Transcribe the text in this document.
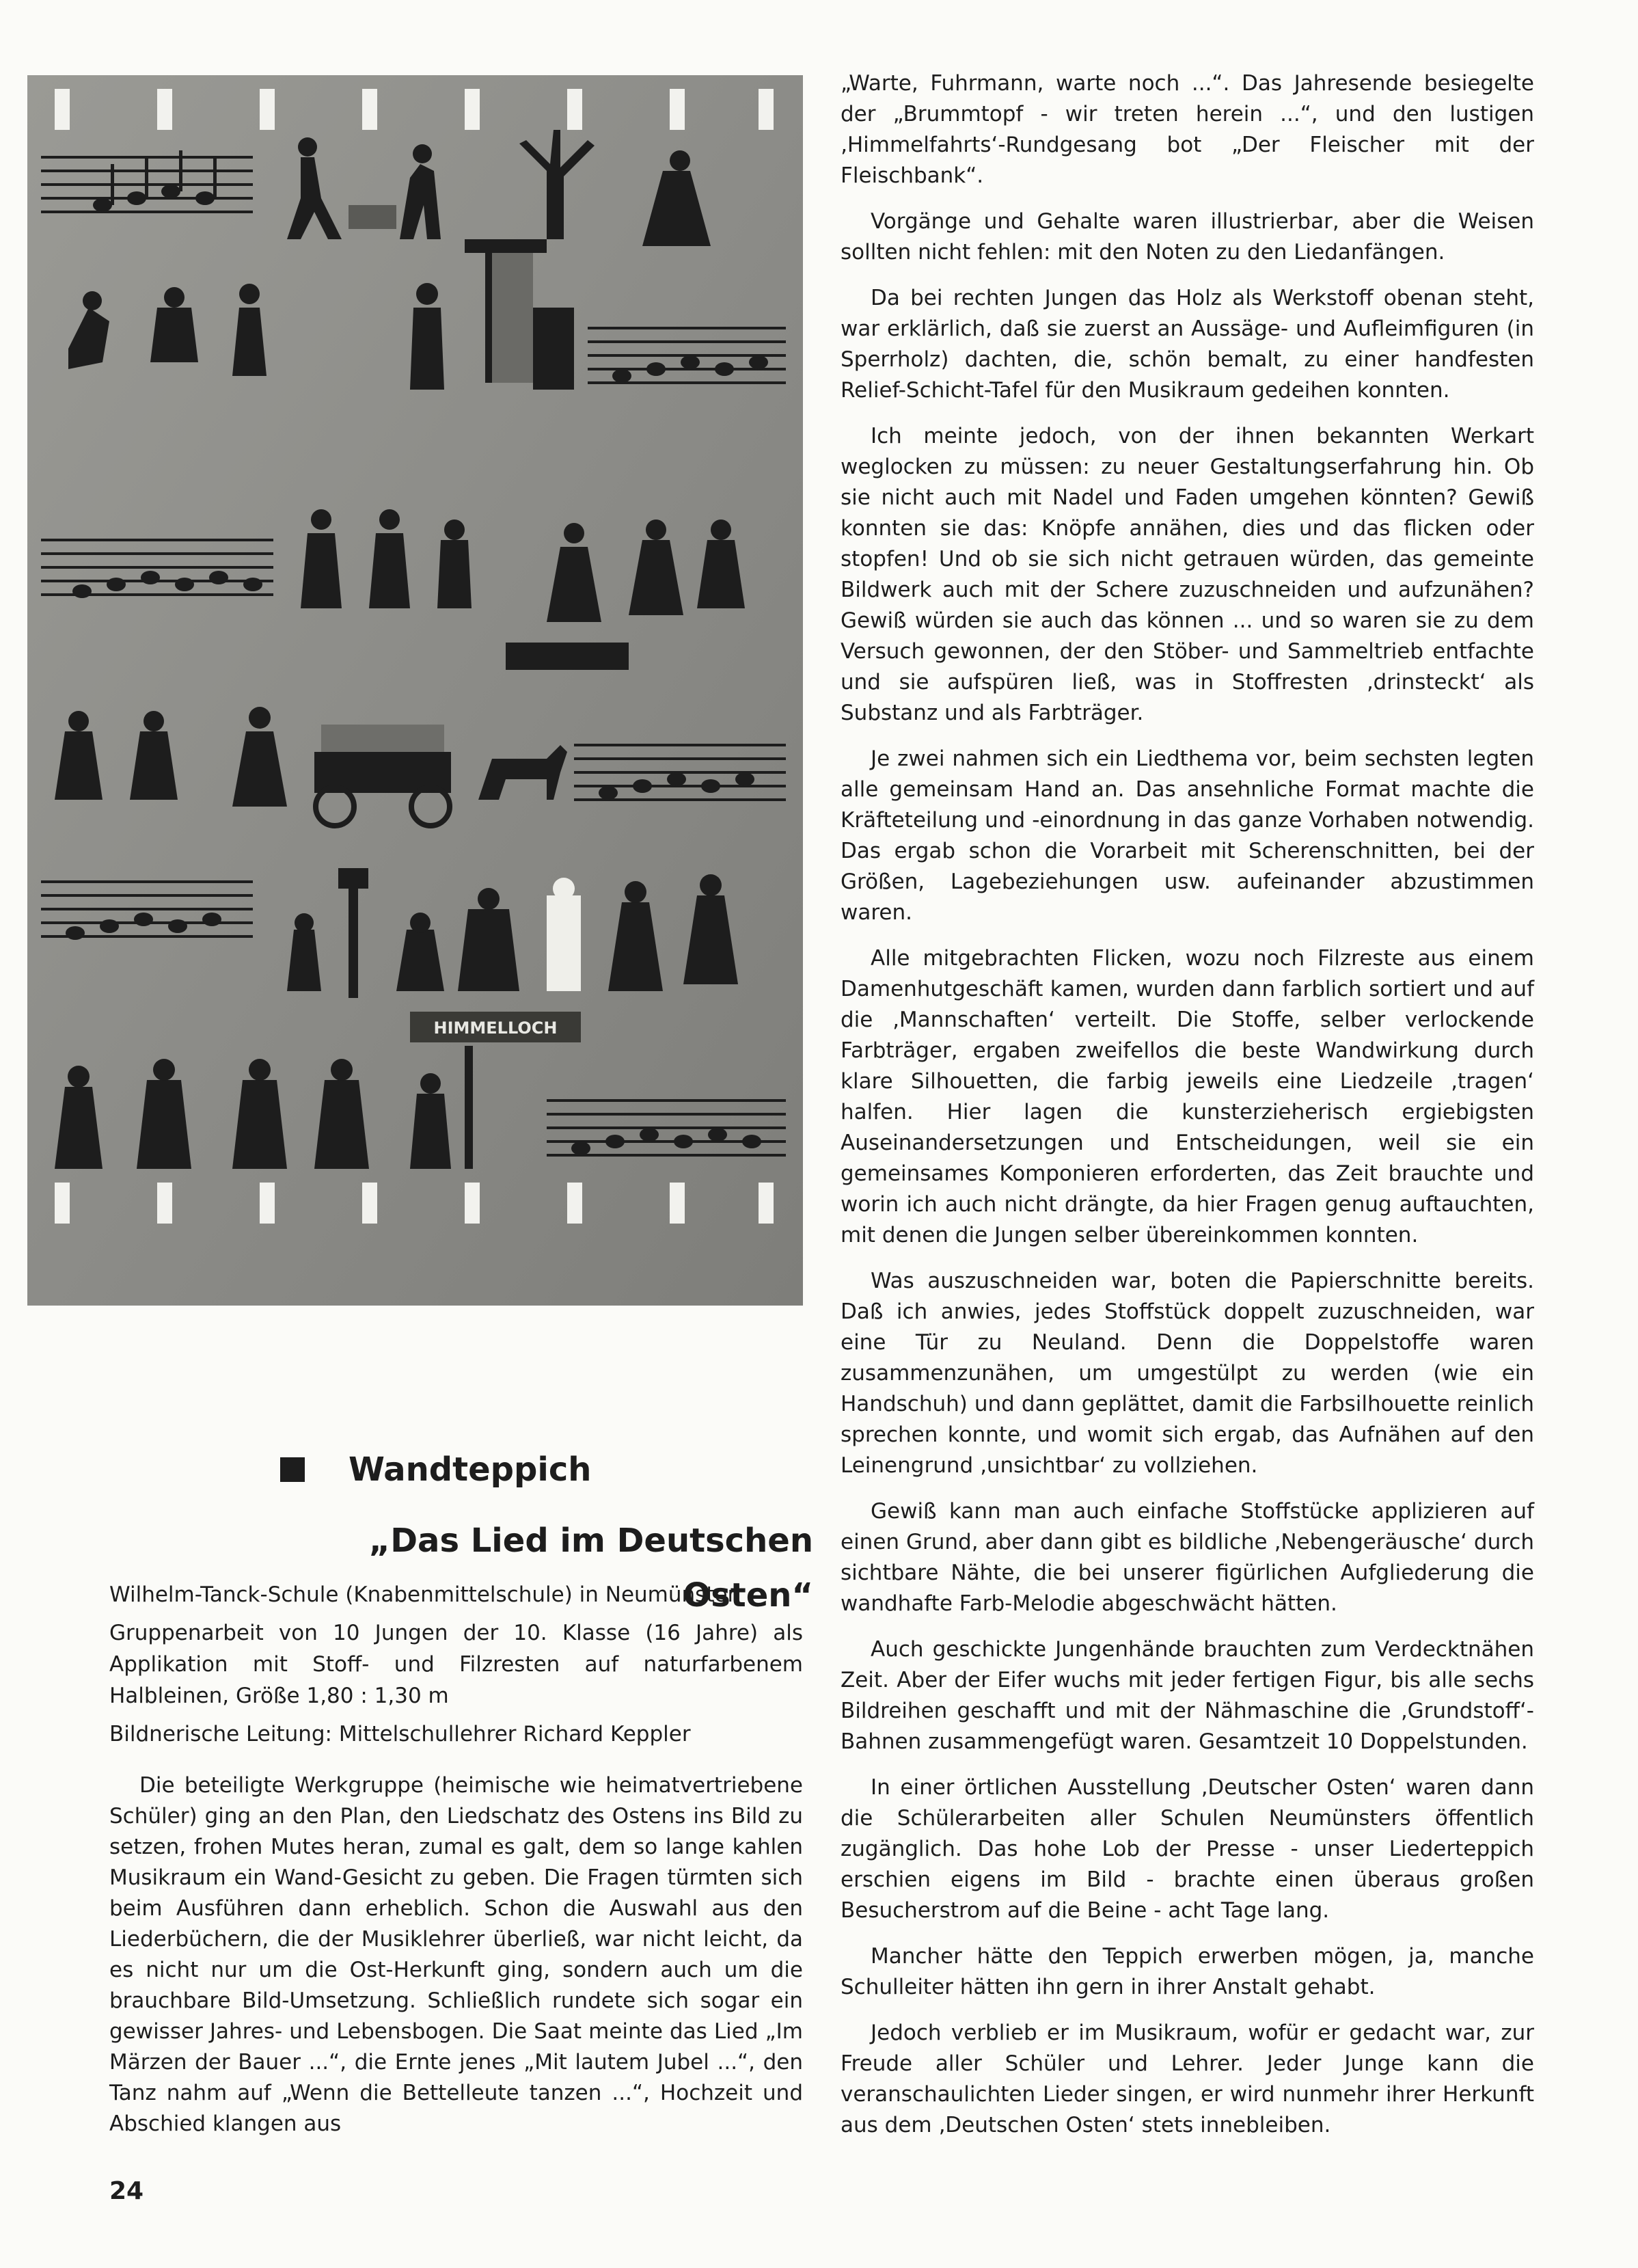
HIMMELLOCH
Wandteppich
„Das Lied im Deutschen Osten“

Wilhelm-Tanck-Schule (Knabenmittelschule) in Neumünster

Gruppenarbeit von 10 Jungen der 10. Klasse (16 Jahre) als Applikation mit Stoff- und Filzresten auf naturfarbenem Halbleinen, Größe 1,80 : 1,30 m

Bildnerische Leitung: Mittelschullehrer Richard Keppler

Die beteiligte Werkgruppe (heimische wie heimatvertriebene Schüler) ging an den Plan, den Liedschatz des Ostens ins Bild zu setzen, frohen Mutes heran, zumal es galt, dem so lange kahlen Musikraum ein Wand-Gesicht zu geben. Die Fragen türmten sich beim Ausführen dann erheblich. Schon die Auswahl aus den Liederbüchern, die der Musiklehrer überließ, war nicht leicht, da es nicht nur um die Ost-Herkunft ging, sondern auch um die brauchbare Bild-Umsetzung. Schließlich rundete sich sogar ein gewisser Jahres- und Lebensbogen. Die Saat meinte das Lied „Im Märzen der Bauer ...“, die Ernte jenes „Mit lautem Jubel ...“, den Tanz nahm auf „Wenn die Bettelleute tanzen ...“, Hochzeit und Abschied klangen aus

„Warte, Fuhrmann, warte noch ...“. Das Jahresende besiegelte der „Brummtopf - wir treten herein ...“, und den lustigen ‚Himmelfahrts‘-Rundgesang bot „Der Fleischer mit der Fleischbank“.

Vorgänge und Gehalte waren illustrierbar, aber die Weisen sollten nicht fehlen: mit den Noten zu den Liedanfängen.

Da bei rechten Jungen das Holz als Werkstoff obenan steht, war erklärlich, daß sie zuerst an Aussäge- und Aufleimfiguren (in Sperrholz) dachten, die, schön bemalt, zu einer handfesten Relief-Schicht-Tafel für den Musikraum gedeihen konnten.

Ich meinte jedoch, von der ihnen bekannten Werkart weglocken zu müssen: zu neuer Gestaltungserfahrung hin. Ob sie nicht auch mit Nadel und Faden umgehen könnten? Gewiß konnten sie das: Knöpfe annähen, dies und das flicken oder stopfen! Und ob sie sich nicht getrauen würden, das gemeinte Bildwerk auch mit der Schere zuzuschneiden und aufzunähen? Gewiß würden sie auch das können ... und so waren sie zu dem Versuch gewonnen, der den Stöber- und Sammeltrieb entfachte und sie aufspüren ließ, was in Stoffresten ‚drinsteckt‘ als Substanz und als Farbträger.

Je zwei nahmen sich ein Liedthema vor, beim sechsten legten alle gemeinsam Hand an. Das ansehnliche Format machte die Kräfteteilung und -einordnung in das ganze Vorhaben notwendig. Das ergab schon die Vorarbeit mit Scherenschnitten, bei der Größen, Lagebeziehungen usw. aufeinander abzustimmen waren.

Alle mitgebrachten Flicken, wozu noch Filzreste aus einem Damenhutgeschäft kamen, wurden dann farblich sortiert und auf die ‚Mannschaften‘ verteilt. Die Stoffe, selber verlockende Farbträger, ergaben zweifellos die beste Wandwirkung durch klare Silhouetten, die farbig jeweils eine Liedzeile ‚tragen‘ halfen. Hier lagen die kunsterzieherisch ergiebigsten Auseinandersetzungen und Entscheidungen, weil sie ein gemeinsames Komponieren erforderten, das Zeit brauchte und worin ich auch nicht drängte, da hier Fragen genug auftauchten, mit denen die Jungen selber übereinkommen konnten.

Was auszuschneiden war, boten die Papierschnitte bereits. Daß ich anwies, jedes Stoffstück doppelt zuzuschneiden, war eine Tür zu Neuland. Denn die Doppelstoffe waren zusammenzunähen, um umgestülpt zu werden (wie ein Handschuh) und dann geplättet, damit die Farbsilhouette reinlich sprechen konnte, und womit sich ergab, das Aufnähen auf den Leinengrund ‚unsichtbar‘ zu vollziehen.

Gewiß kann man auch einfache Stoffstücke applizieren auf einen Grund, aber dann gibt es bildliche ‚Nebengeräusche‘ durch sichtbare Nähte, die bei unserer figürlichen Aufgliederung die wandhafte Farb-Melodie abgeschwächt hätten.

Auch geschickte Jungenhände brauchten zum Verdecktnähen Zeit. Aber der Eifer wuchs mit jeder fertigen Figur, bis alle sechs Bildreihen geschafft und mit der Nähmaschine die ‚Grundstoff‘-Bahnen zusammengefügt waren. Gesamtzeit 10 Doppelstunden.

In einer örtlichen Ausstellung ‚Deutscher Osten‘ waren dann die Schülerarbeiten aller Schulen Neumünsters öffentlich zugänglich. Das hohe Lob der Presse - unser Liederteppich erschien eigens im Bild - brachte einen überaus großen Besucherstrom auf die Beine - acht Tage lang.

Mancher hätte den Teppich erwerben mögen, ja, manche Schulleiter hätten ihn gern in ihrer Anstalt gehabt.

Jedoch verblieb er im Musikraum, wofür er gedacht war, zur Freude aller Schüler und Lehrer. Jeder Junge kann die veranschaulichten Lieder singen, er wird nunmehr ihrer Herkunft aus dem ‚Deutschen Osten‘ stets innebleiben.

24
